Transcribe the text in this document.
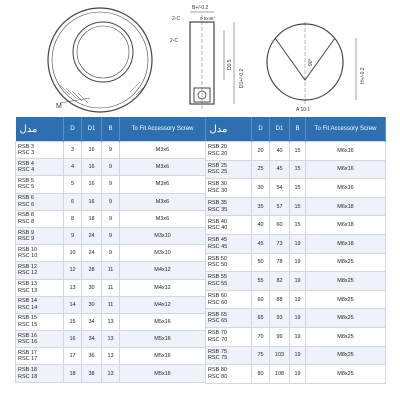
M
B+/-0.2
2-C	0.5x45°
2-C
D1+/-0.2
D0.5	90°
H+/-0.2
A 10:1
مدل	D	D1	B	To Fit Accessory Screw

RSB 3
RSC 3	3	16	9	M3x6

RSB 4
RSC 4	4	16	9	M3x6

RSB 5
RSC 5	5	16	9	M3x6

RSB 6
RSC 6	6	16	9	M3x6

RSB 8
RSC 8	8	18	9	M3x6

RSB 9
RSC 9	9	24	9	M3x10

RSB 10
RSC 10	10	24	9	M3x10

RSB 12
RSC 12	12	28	11	M4x12

RSB 13
RSC 13	13	30	11	M4x12

RSB 14
RSC 14	14	30	11	M4x12

RSB 15
RSC 15	15	34	13	M5x16

RSB 16
RSC 16	16	34	13	M5x16

RSB 17
RSC 17	17	36	13	M5x16

RSB 18
RSC 18	18	38	13	M5x16
مدل	D	D1	B	To Fit Accessory Screw

RSB 20
RSC 20	20	40	15	M6x16

RSB 25
RSC 25	25	45	15	M6x16

RSB 30
RSC 30	30	54	15	M6x16

RSB 35
RSC 35	35	57	15	M6x18

RSB 40
RSC 40	40	60	15	M6x18

RSB 45
RSC 45	45	73	19	M6x18

RSB 50
RSC 50	50	78	19	M8x25

RSB 55
RSC 55	55	82	19	M8x25

RSB 60
RSC 60	60	88	19	M8x25

RSB 65
RSC 65	65	93	19	M8x25

RSB 70
RSC 70	70	99	19	M8x25

RSB 75
RSC 75	75	103	19	M8x25

RSB 80
RSC 80	80	108	19	M8x25
